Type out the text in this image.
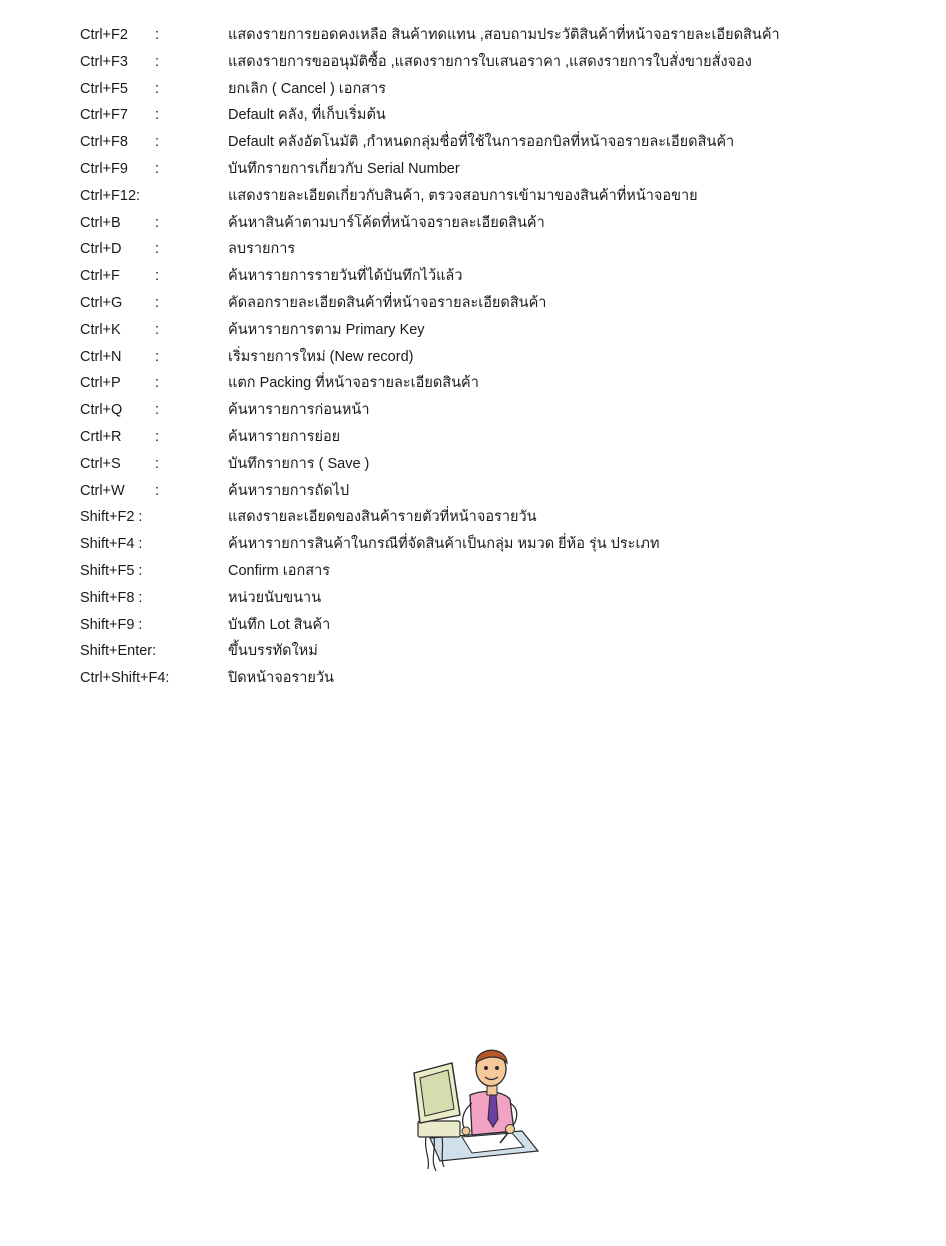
Ctrl+F2 :	แสดงรายการยอดคงเหลือ สินค้าทดแทน ,สอบถามประวัติสินค้าที่หน้าจอรายละเอียดสินค้า
Ctrl+F3 :	แสดงรายการขออนุมัติซื้อ ,แสดงรายการใบเสนอราคา ,แสดงรายการใบสั่งขายสั่งจอง
Ctrl+F5 :	ยกเลิก ( Cancel ) เอกสาร
Ctrl+F7 :	Default คลัง, ที่เก็บเริ่มต้น
Ctrl+F8 :	Default คลังอัตโนมัติ ,กำหนดกลุ่มชื่อที่ใช้ในการออกบิลที่หน้าจอรายละเอียดสินค้า
Ctrl+F9 :	บันทึกรายการเกี่ยวกับ Serial Number
Ctrl+F12:	แสดงรายละเอียดเกี่ยวกับสินค้า, ตรวจสอบการเข้ามาของสินค้าที่หน้าจอขาย
Ctrl+B :	ค้นหาสินค้าตามบาร์โค้ดที่หน้าจอรายละเอียดสินค้า
Ctrl+D :	ลบรายการ
Ctrl+F :	ค้นหารายการรายวันที่ได้บันทึกไว้แล้ว
Ctrl+G :	คัดลอกรายละเอียดสินค้าที่หน้าจอรายละเอียดสินค้า
Ctrl+K :	ค้นหารายการตาม Primary Key
Ctrl+N :	เริ่มรายการใหม่ (New record)
Ctrl+P :	แตก Packing ที่หน้าจอรายละเอียดสินค้า
Ctrl+Q :	ค้นหารายการก่อนหน้า
Crtl+R :	ค้นหารายการย่อย
Ctrl+S :	บันทึกรายการ ( Save )
Ctrl+W :	ค้นหารายการถัดไป
Shift+F2 :	แสดงรายละเอียดของสินค้ารายตัวที่หน้าจอรายวัน
Shift+F4 :	ค้นหารายการสินค้าในกรณีที่จัดสินค้าเป็นกลุ่ม หมวด ยี่ห้อ รุ่น ประเภท
Shift+F5 :	Confirm เอกสาร
Shift+F8 :	หน่วยนับขนาน
Shift+F9 :	บันทึก Lot สินค้า
Shift+Enter:	ขึ้นบรรทัดใหม่
Ctrl+Shift+F4:	ปิดหน้าจอรายวัน
